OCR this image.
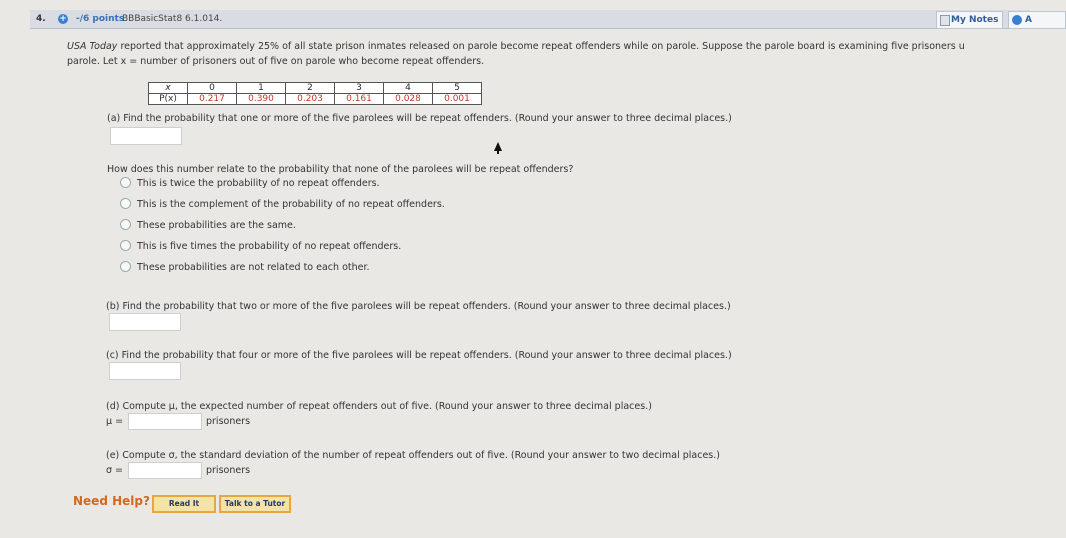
4. + -/6 points
BBBasicStat8 6.1.014.	My Notes	A
USA Today reported that approximately 25% of all state prison inmates released on parole become repeat offenders while on parole. Suppose the parole board is examining five prisoners u
parole. Let x = number of prisoners out of five on parole who become repeat offenders.
x	0	1	2	3	4	5
P(x)	0.217	0.390	0.203	0.161	0.028	0.001
(a) Find the probability that one or more of the five parolees will be repeat offenders. (Round your answer to three decimal places.)
How does this number relate to the probability that none of the parolees will be repeat offenders?
This is twice the probability of no repeat offenders.
This is the complement of the probability of no repeat offenders.
These probabilities are the same.
This is five times the probability of no repeat offenders.
These probabilities are not related to each other.
(b) Find the probability that two or more of the five parolees will be repeat offenders. (Round your answer to three decimal places.)
(c) Find the probability that four or more of the five parolees will be repeat offenders. (Round your answer to three decimal places.)
(d) Compute μ, the expected number of repeat offenders out of five. (Round your answer to three decimal places.)
μ =	prisoners
(e) Compute σ, the standard deviation of the number of repeat offenders out of five. (Round your answer to two decimal places.)
σ =	prisoners
Need Help?	Read It	Talk to a Tutor
